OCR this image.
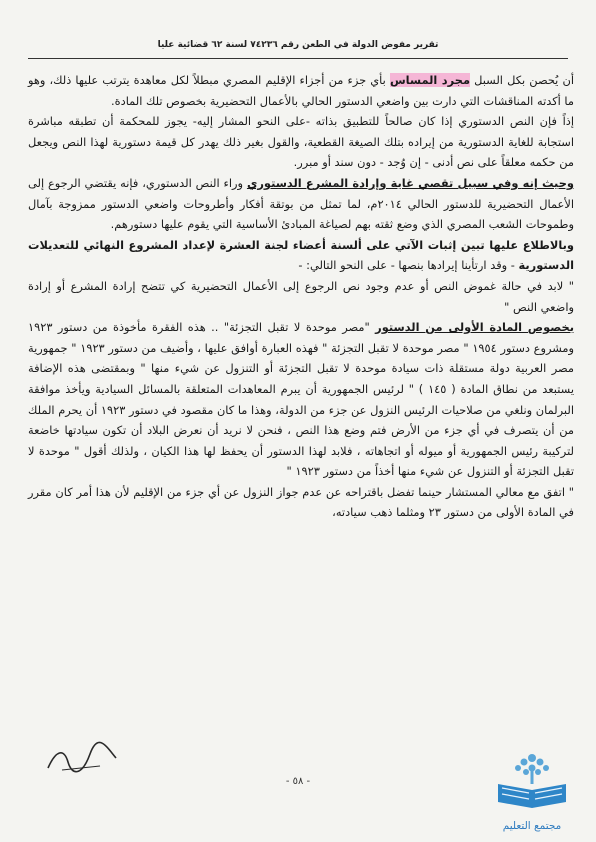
تقرير مفوض الدولة في الطعن رقم ٧٤٢٣٦ لسنة ٦٢ قضائية عليا

أن يُحصن بكل السبل مجرد المساس بأي جزء من أجزاء الإقليم المصري مبطلاً لكل معاهدة يترتب عليها ذلك، وهو ما أكدته المناقشات التي دارت بين واضعي الدستور الحالي بالأعمال التحضيرية بخصوص تلك المادة.

إذاً فإن النص الدستوري إذا كان صالحاً للتطبيق بذاته -على النحو المشار إليه- يجوز للمحكمة أن تطبقه مباشرة استجابة للغاية الدستورية من إيراده بتلك الصيغة القطعية، والقول بغير ذلك يهدر كل قيمة دستورية لهذا النص ويجعل من حكمه معلقاً على نص أدنى - إن وُجد - دون سند أو مبرر.

وحيث إنه وفي سبيل تقصي غاية وإرادة المشرع الدستوري وراء النص الدستوري، فإنه يقتضي الرجوع إلى الأعمال التحضيرية للدستور الحالي ٢٠١٤م، لما تمثل من بوتقة أفكار وأطروحات واضعي الدستور ممزوجة بآمال وطموحات الشعب المصري الذي وضع ثقته بهم لصياغة المبادئ الأساسية التي يقوم عليها دستورهم.

وبالاطلاع عليها تبين إثبات الآتي على ألسنة أعضاء لجنة العشرة لإعداد المشروع النهائي للتعديلات الدستورية - وقد ارتأينا إيرادها بنصها - على النحو التالي: -

" لابد في حالة غموض النص أو عدم وجود نص الرجوع إلى الأعمال التحضيرية كي تتضح إرادة المشرع أو إرادة واضعي النص "

بخصوص المادة الأولى من الدستور "مصر موحدة لا تقبل التجزئة" .. هذه الفقرة مأخوذة من دستور ١٩٢٣ ومشروع دستور ١٩٥٤ " مصر موحدة لا تقبل التجزئة " فهذه العبارة أوافق عليها ، وأضيف من دستور ١٩٢٣ " جمهورية مصر العربية دولة مستقلة ذات سيادة موحدة لا تقبل التجزئة أو التنزول عن شيء منها " وبمقتضى هذه الإضافة يستبعد من نطاق المادة ( ١٤٥ ) " لرئيس الجمهورية أن يبرم المعاهدات المتعلقة بالمسائل السيادية ويأخذ موافقة البرلمان ونلغي من صلاحيات الرئيس النزول عن جزء من الدولة، وهذا ما كان مقصود في دستور ١٩٢٣ أن يحرم الملك من أن يتصرف في أي جزء من الأرض فتم وضع هذا النص ، فنحن لا نريد أن نعرض البلاد أن تكون سيادتها خاضعة لتركيبة رئيس الجمهورية أو ميوله أو اتجاهاته ، فلابد لهذا الدستور أن يحفظ لها هذا الكيان ، ولذلك أقول " موحدة لا تقبل التجزئة أو التنزول عن شيء منها أخذاً من دستور ١٩٢٣ "

" اتفق مع معالي المستشار حينما تفضل باقتراحه عن عدم جواز النزول عن أي جزء من الإقليم لأن هذا أمر كان مقرر في المادة الأولى من دستور ٢٣ ومثلما ذهب سيادته،

- ٥٨ -
مجتمع التعليم
